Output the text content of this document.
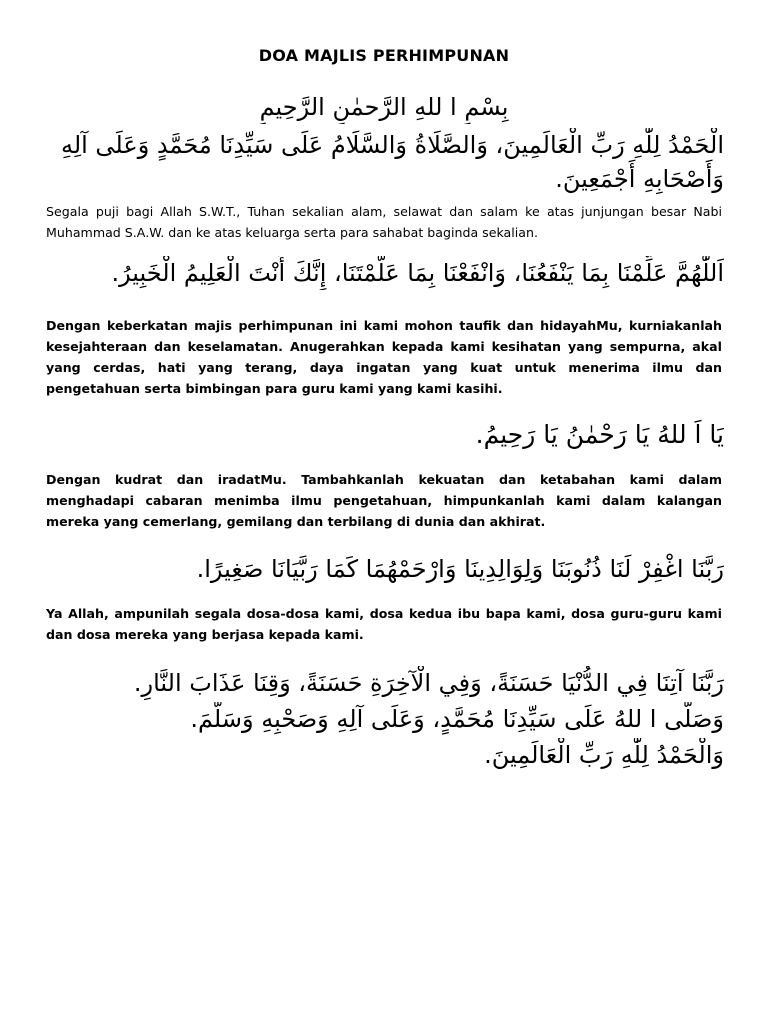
DOA MAJLIS PERHIMPUNAN
بِسْمِ ا للهِ الرَّحمٰنِ الرَّحِيمِ
الْحَمْدُ لِلّٰهِ رَبِّ الْعَالَمِينَ، وَالصَّلَاةُ وَالسَّلَامُ عَلَى سَيِّدِنَا مُحَمَّدٍ وَعَلَى آلِهِ وَأَصْحَابِهِ أَجْمَعِينَ.
Segala puji bagi Allah S.W.T., Tuhan sekalian alam, selawat dan salam ke atas junjungan besar Nabi Muhammad S.A.W. dan ke atas keluarga serta para sahabat baginda sekalian.
اَللّٰهُمَّ عَلِّمْنَا بِمَا يَنْفَعُنَا، وَانْفَعْنَا بِمَا عَلَّمْتَنَا، إِنَّكَ أَنْتَ الْعَلِيمُ الْخَبِيرُ.
Dengan keberkatan majis perhimpunan ini kami mohon taufik dan hidayahMu, kurniakanlah kesejahteraan dan keselamatan. Anugerahkan kepada kami kesihatan yang sempurna, akal yang cerdas, hati yang terang, daya ingatan yang kuat untuk menerima ilmu dan pengetahuan serta bimbingan para guru kami yang kami kasihi.
يَا اَ للهُ يَا رَحْمٰنُ يَا رَحِيمُ.
Dengan kudrat dan iradatMu. Tambahkanlah kekuatan dan ketabahan kami dalam menghadapi cabaran menimba ilmu pengetahuan, himpunkanlah kami dalam kalangan mereka yang cemerlang, gemilang dan terbilang di dunia dan akhirat.
رَبَّنَا اغْفِرْ لَنَا ذُنُوبَنَا وَلِوَالِدِينَا وَارْحَمْهُمَا كَمَا رَبَّيَانَا صَغِيرًا.
Ya Allah, ampunilah segala dosa-dosa kami, dosa kedua ibu bapa kami, dosa guru-guru kami dan dosa mereka yang berjasa kepada kami.
رَبَّنَا آتِنَا فِي الدُّنْيَا حَسَنَةً، وَفِي الْآخِرَةِ حَسَنَةً، وَقِنَا عَذَابَ النَّارِ.
وَصَلَّى ا للهُ عَلَى سَيِّدِنَا مُحَمَّدٍ، وَعَلَى آلِهِ وَصَحْبِهِ وَسَلَّمَ.
وَالْحَمْدُ لِلّٰهِ رَبِّ الْعَالَمِينَ.
